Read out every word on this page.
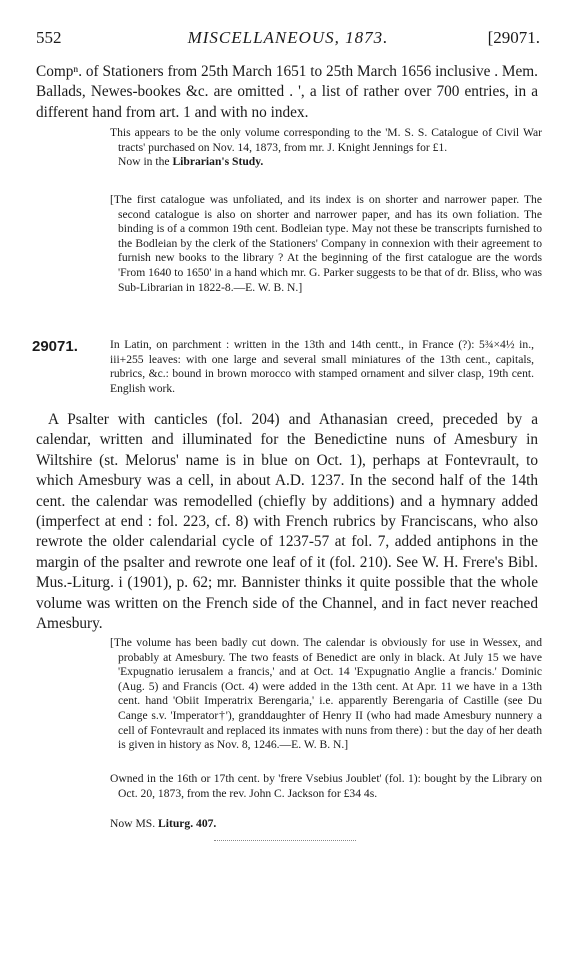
552	MISCELLANEOUS, 1873.	[29071.

Compⁿ. of Stationers from 25th March 1651 to 25th March 1656 inclusive . Mem. Ballads, Newes-bookes &c. are omitted . ', a list of rather over 700 entries, in a different hand from art. 1 and with no index.

This appears to be the only volume corresponding to the 'M. S. S. Catalogue of Civil War tracts' purchased on Nov. 14, 1873, from mr. J. Knight Jennings for £1.
Now in the Librarian's Study.

[The first catalogue was unfoliated, and its index is on shorter and narrower paper. The second catalogue is also on shorter and narrower paper, and has its own foliation. The binding is of a common 19th cent. Bodleian type. May not these be transcripts furnished to the Bodleian by the clerk of the Stationers' Company in connexion with their agreement to furnish new books to the library ? At the beginning of the first catalogue are the words 'From 1640 to 1650' in a hand which mr. G. Parker suggests to be that of dr. Bliss, who was Sub-Librarian in 1822-8.—E. W. B. N.]

29071.	In Latin, on parchment : written in the 13th and 14th centt., in France (?): 5¾×4½ in., iii+255 leaves: with one large and several small miniatures of the 13th cent., capitals, rubrics, &c.: bound in brown morocco with stamped ornament and silver clasp, 19th cent. English work.

A Psalter with canticles (fol. 204) and Athanasian creed, preceded by a calendar, written and illuminated for the Benedictine nuns of Amesbury in Wiltshire (st. Melorus' name is in blue on Oct. 1), perhaps at Fontevrault, to which Amesbury was a cell, in about A.D. 1237. In the second half of the 14th cent. the calendar was remodelled (chiefly by additions) and a hymnary added (imperfect at end : fol. 223, cf. 8) with French rubrics by Franciscans, who also rewrote the older calendarial cycle of 1237-57 at fol. 7, added antiphons in the margin of the psalter and rewrote one leaf of it (fol. 210). See W. H. Frere's Bibl. Mus.-Liturg. i (1901), p. 62; mr. Bannister thinks it quite possible that the whole volume was written on the French side of the Channel, and in fact never reached Amesbury.

[The volume has been badly cut down. The calendar is obviously for use in Wessex, and probably at Amesbury. The two feasts of Benedict are only in black. At July 15 we have 'Expugnatio ierusalem a francis,' and at Oct. 14 'Expugnatio Anglie a francis.' Dominic (Aug. 5) and Francis (Oct. 4) were added in the 13th cent. At Apr. 11 we have in a 13th cent. hand 'Obiit Imperatrix Berengaria,' i.e. apparently Berengaria of Castille (see Du Cange s.v. 'Imperator†'), granddaughter of Henry II (who had made Amesbury nunnery a cell of Fontevrault and replaced its inmates with nuns from there) : but the day of her death is given in history as Nov. 8, 1246.—E. W. B. N.]

Owned in the 16th or 17th cent. by 'frere Vsebius Joublet' (fol. 1): bought by the Library on Oct. 20, 1873, from the rev. John C. Jackson for £34 4s.

Now MS. Liturg. 407.
